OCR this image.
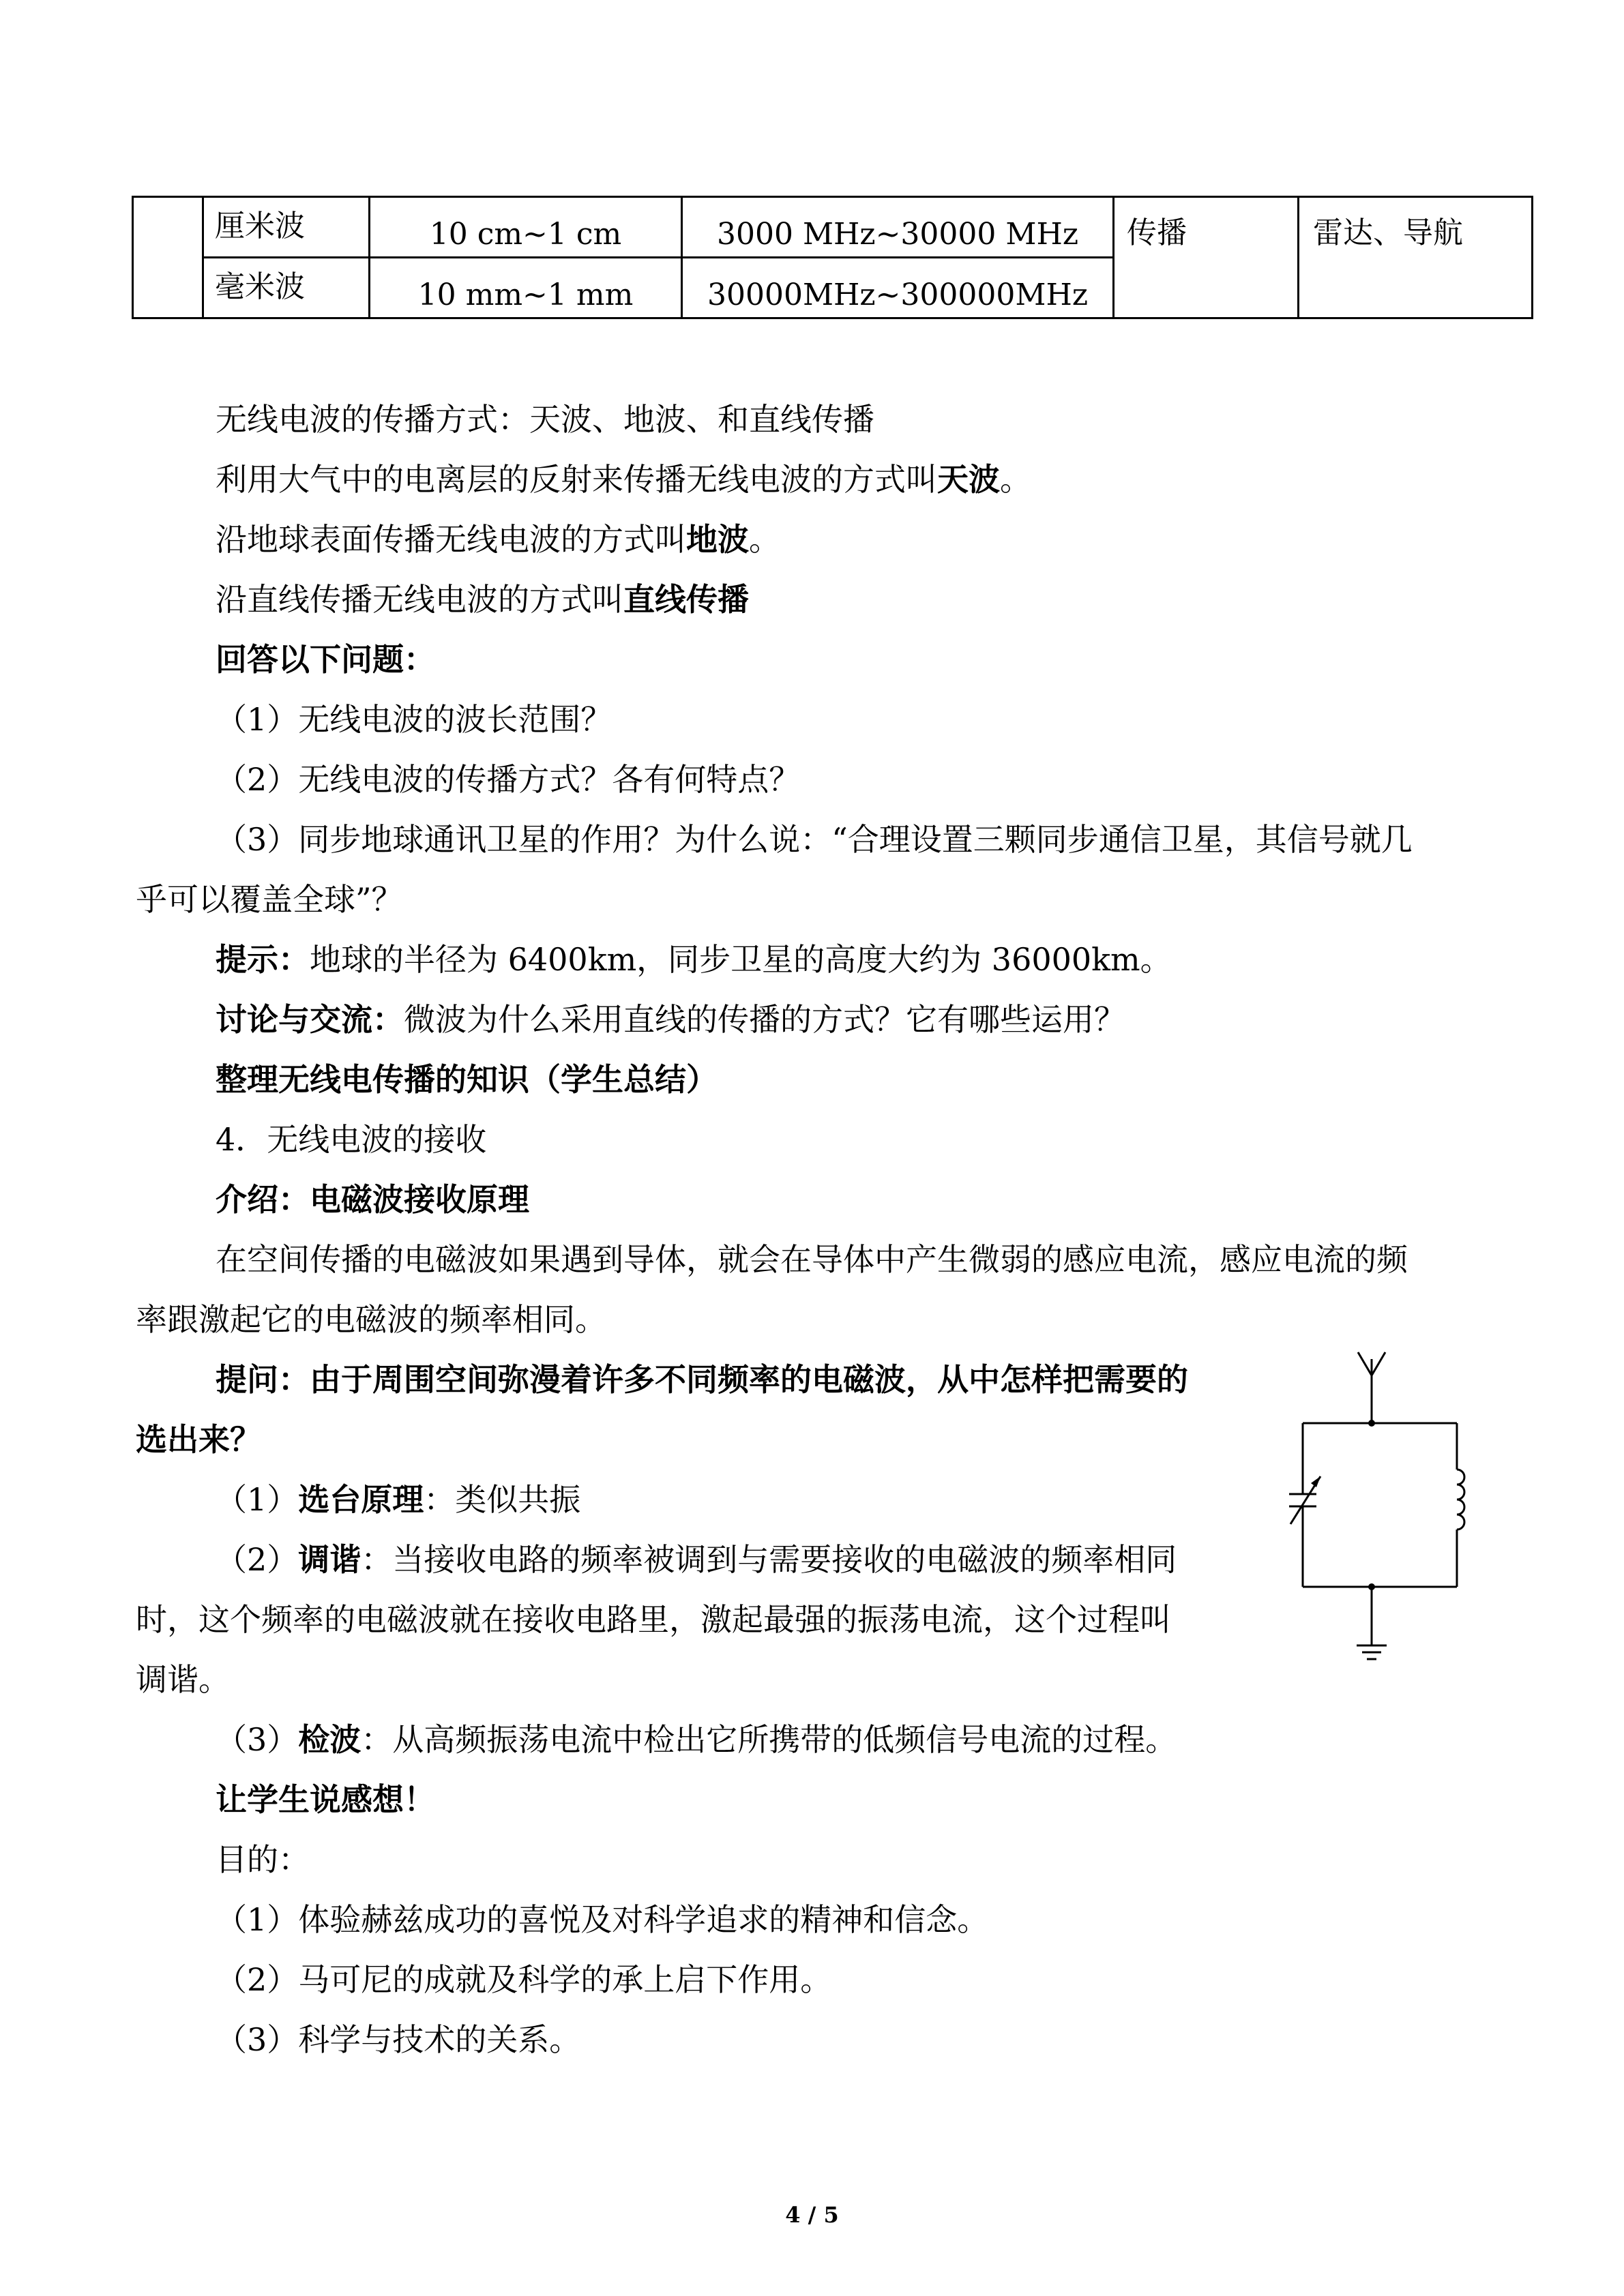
	厘米波	10 cm~1 cm	3000 MHz~30000 MHz	传播	雷达、导航

	毫米波	10 mm~1 mm	30000MHz~300000MHz		
无线电波的传播方式：天波、地波、和直线传播
利用大气中的电离层的反射来传播无线电波的方式叫天波。
沿地球表面传播无线电波的方式叫地波。
沿直线传播无线电波的方式叫直线传播
回答以下问题：
（1）无线电波的波长范围？
（2）无线电波的传播方式？各有何特点？
（3）同步地球通讯卫星的作用？为什么说：“合理设置三颗同步通信卫星，其信号就几
乎可以覆盖全球”？
提示：地球的半径为 6400km，同步卫星的高度大约为 36000km。
讨论与交流：微波为什么采用直线的传播的方式？它有哪些运用？
整理无线电传播的知识（学生总结）
4．无线电波的接收
介绍：电磁波接收原理
在空间传播的电磁波如果遇到导体，就会在导体中产生微弱的感应电流，感应电流的频
率跟激起它的电磁波的频率相同。
提问：由于周围空间弥漫着许多不同频率的电磁波，从中怎样把需要的
选出来？
（1）选台原理：类似共振
（2）调谐：当接收电路的频率被调到与需要接收的电磁波的频率相同
时，这个频率的电磁波就在接收电路里，激起最强的振荡电流，这个过程叫
调谐。
（3）检波：从高频振荡电流中检出它所携带的低频信号电流的过程。
让学生说感想！
目的：
（1）体验赫兹成功的喜悦及对科学追求的精神和信念。
（2）马可尼的成就及科学的承上启下作用。
（3）科学与技术的关系。
4 / 5
